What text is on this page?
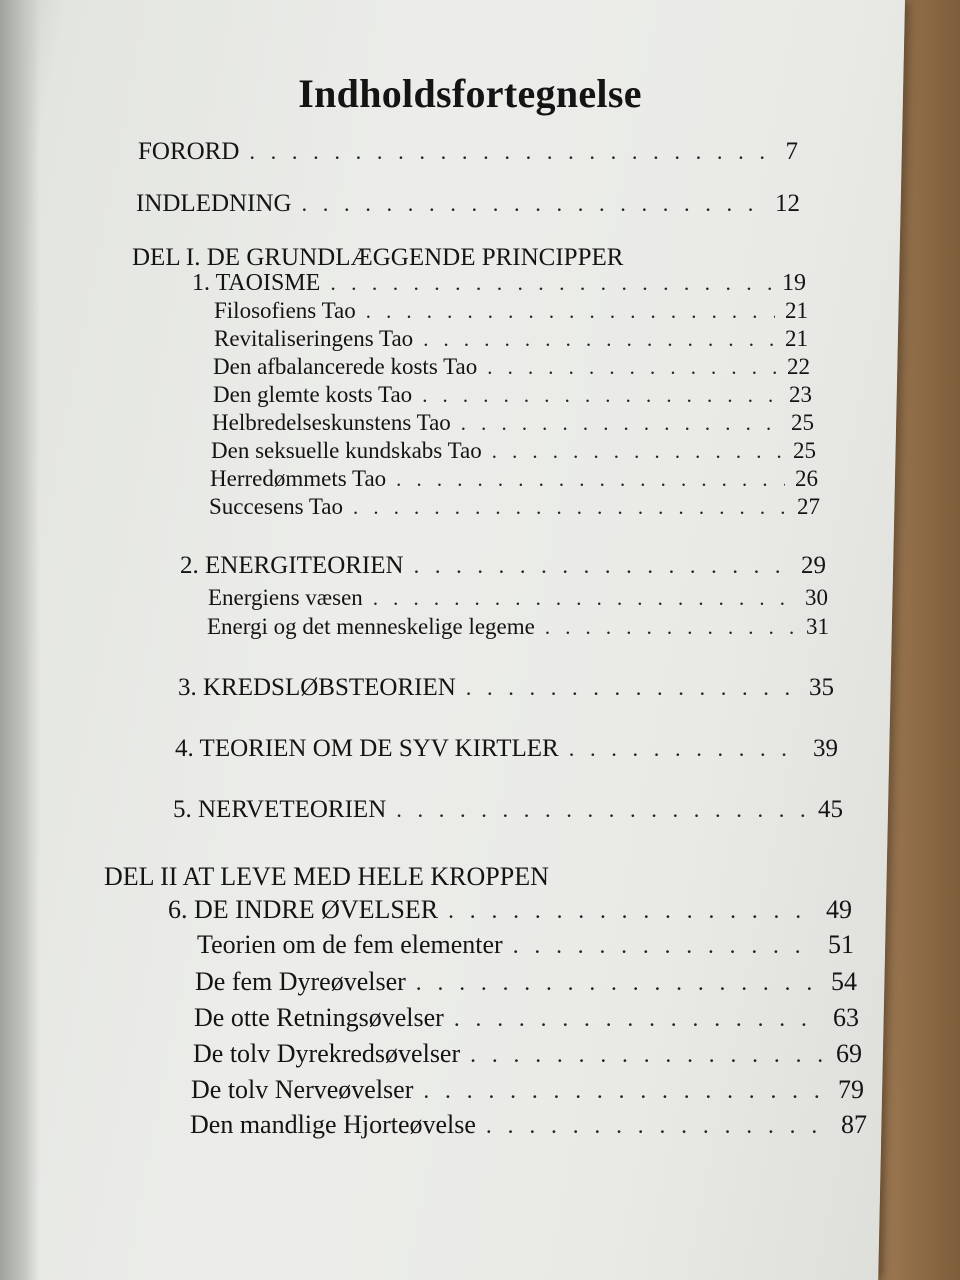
Indholdsfortegnelse
FORORD . . .	7
INDLEDNING . . .	12
DEL I. DE GRUNDLÆGGENDE PRINCIPPER
1. TAOISME . . .	19
Filosofiens Tao . . .	21
Revitaliseringens Tao . . .	21
Den afbalancerede kosts Tao . . .	22
Den glemte kosts Tao . . .	23
Helbredelseskunstens Tao . . .	25
Den seksuelle kundskabs Tao . . .	25
Herredømmets Tao . . .	26
Succesens Tao . . .	27
2. ENERGITEORIEN . . .	29
Energiens væsen . . .	30
Energi og det menneskelige legeme . . .	31
3. KREDSLØBSTEORIEN . . .	35
4. TEORIEN OM DE SYV KIRTLER . . .	39
5. NERVETEORIEN . . .	45
DEL II AT LEVE MED HELE KROPPEN
6. DE INDRE ØVELSER . . .	49
Teorien om de fem elementer . . .	51
De fem Dyreøvelser . . .	54
De otte Retningsøvelser . . .	63
De tolv Dyrekredsøvelser . . .	69
De tolv Nerveøvelser . . .	79
Den mandlige Hjorteøvelse . . .	87
